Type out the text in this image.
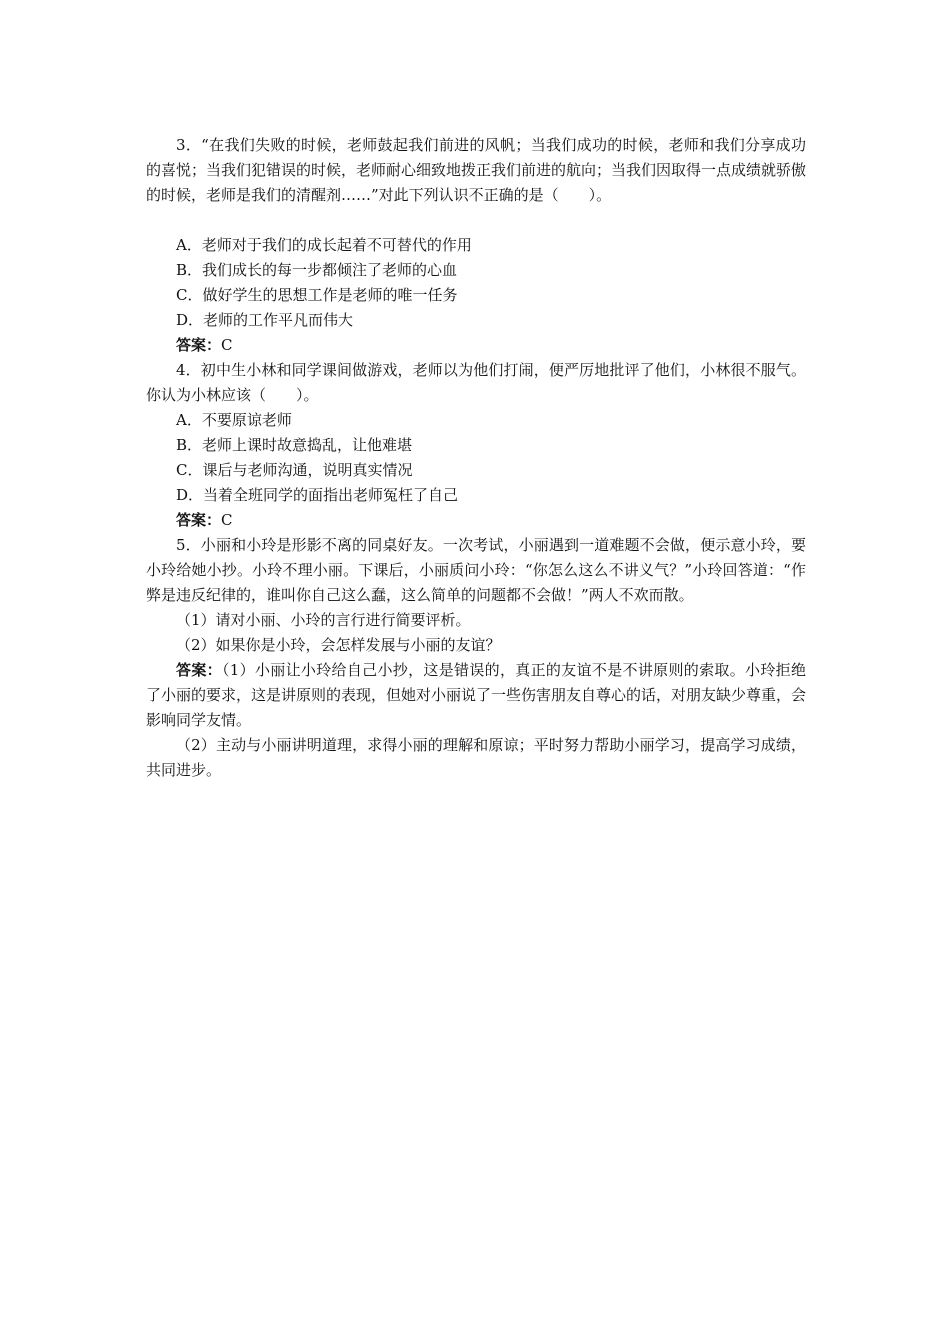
3．“在我们失败的时候，老师鼓起我们前进的风帆；当我们成功的时候，老师和我们分享成功的喜悦；当我们犯错误的时候，老师耐心细致地拨正我们前进的航向；当我们因取得一点成绩就骄傲的时候，老师是我们的清醒剂……”对此下列认识不正确的是（　　）。

A．老师对于我们的成长起着不可替代的作用

B．我们成长的每一步都倾注了老师的心血

C．做好学生的思想工作是老师的唯一任务

D．老师的工作平凡而伟大

答案：C

4．初中生小林和同学课间做游戏，老师以为他们打闹，便严厉地批评了他们，小林很不服气。你认为小林应该（　　）。

A．不要原谅老师

B．老师上课时故意捣乱，让他难堪

C．课后与老师沟通，说明真实情况

D．当着全班同学的面指出老师冤枉了自己

答案：C

5．小丽和小玲是形影不离的同桌好友。一次考试，小丽遇到一道难题不会做，便示意小玲，要小玲给她小抄。小玲不理小丽。下课后，小丽质问小玲：“你怎么这么不讲义气？”小玲回答道：“作弊是违反纪律的，谁叫你自己这么蠢，这么简单的问题都不会做！”两人不欢而散。

（1）请对小丽、小玲的言行进行简要评析。

（2）如果你是小玲，会怎样发展与小丽的友谊？

答案：（1）小丽让小玲给自己小抄，这是错误的，真正的友谊不是不讲原则的索取。小玲拒绝了小丽的要求，这是讲原则的表现，但她对小丽说了一些伤害朋友自尊心的话，对朋友缺少尊重，会影响同学友情。

（2）主动与小丽讲明道理，求得小丽的理解和原谅；平时努力帮助小丽学习，提高学习成绩，共同进步。
